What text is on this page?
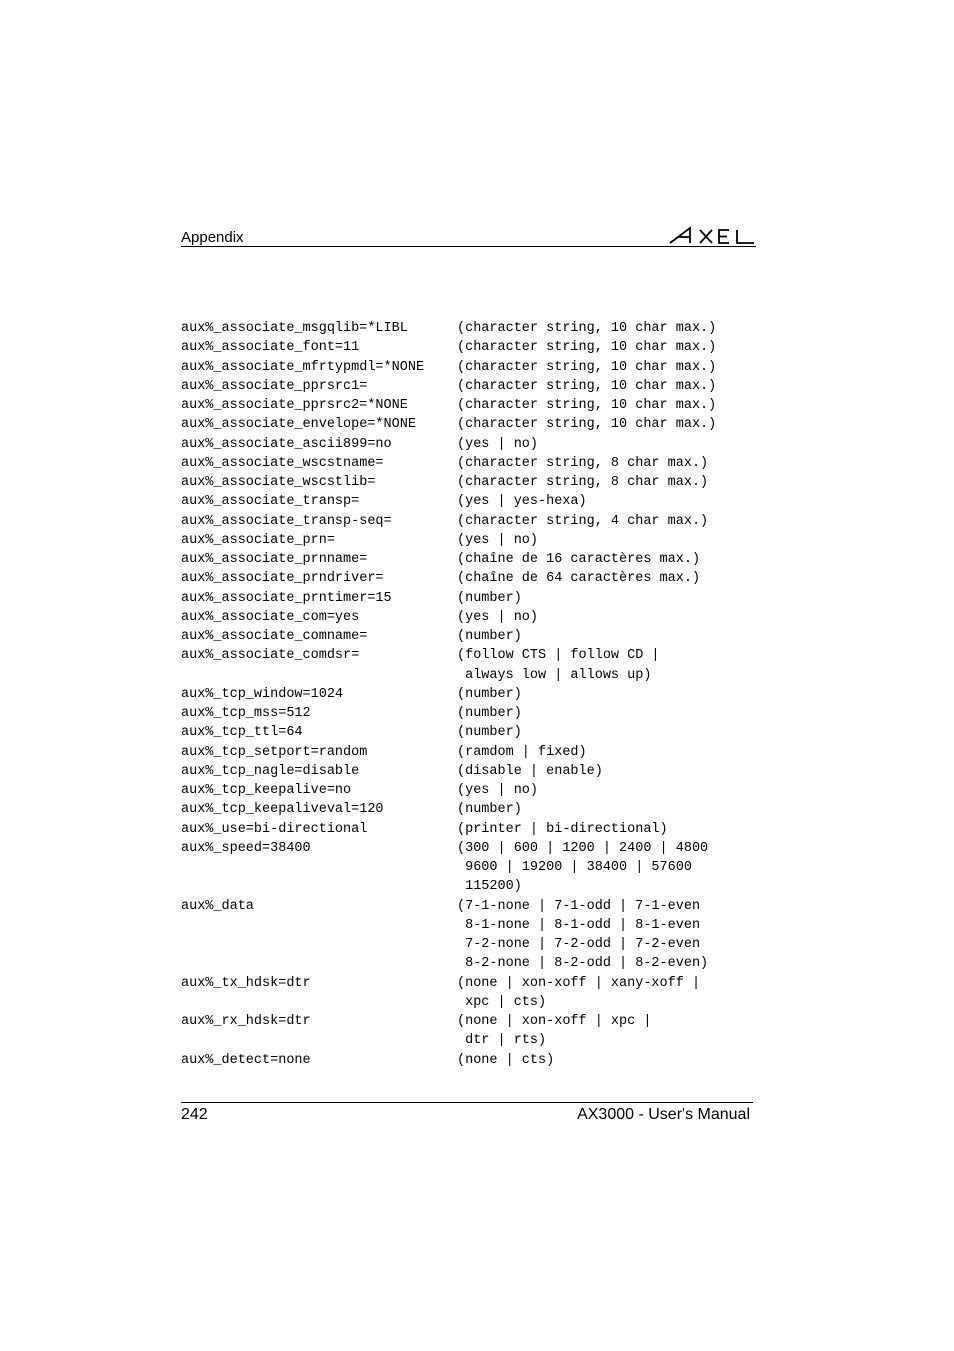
Appendix
aux%_associate_msgqlib=*LIBL	(character string, 10 char max.)
aux%_associate_font=11	(character string, 10 char max.)
aux%_associate_mfrtypmdl=*NONE	(character string, 10 char max.)
aux%_associate_pprsrc1=	(character string, 10 char max.)
aux%_associate_pprsrc2=*NONE	(character string, 10 char max.)
aux%_associate_envelope=*NONE	(character string, 10 char max.)
aux%_associate_ascii899=no	(yes | no)
aux%_associate_wscstname=	(character string, 8 char max.)
aux%_associate_wscstlib=	(character string, 8 char max.)
aux%_associate_transp=	(yes | yes-hexa)
aux%_associate_transp-seq=	(character string, 4 char max.)
aux%_associate_prn=	(yes | no)
aux%_associate_prnname=	(chaîne de 16 caractères max.)
aux%_associate_prndriver=	(chaîne de 64 caractères max.)
aux%_associate_prntimer=15	(number)
aux%_associate_com=yes	(yes | no)
aux%_associate_comname=	(number)
aux%_associate_comdsr=	(follow CTS | follow CD |
always low | allows up)
aux%_tcp_window=1024	(number)
aux%_tcp_mss=512	(number)
aux%_tcp_ttl=64	(number)
aux%_tcp_setport=random	(ramdom | fixed)
aux%_tcp_nagle=disable	(disable | enable)
aux%_tcp_keepalive=no	(yes | no)
aux%_tcp_keepaliveval=120	(number)
aux%_use=bi-directional	(printer | bi-directional)
aux%_speed=38400	(300 | 600 | 1200 | 2400 | 4800
9600 | 19200 | 38400 | 57600
115200)
aux%_data	(7-1-none | 7-1-odd | 7-1-even
8-1-none | 8-1-odd | 8-1-even
7-2-none | 7-2-odd | 7-2-even
8-2-none | 8-2-odd | 8-2-even)
aux%_tx_hdsk=dtr	(none | xon-xoff | xany-xoff |
xpc | cts)
aux%_rx_hdsk=dtr	(none | xon-xoff | xpc |
dtr | rts)
aux%_detect=none	(none | cts)
242	AX3000 - User's Manual
